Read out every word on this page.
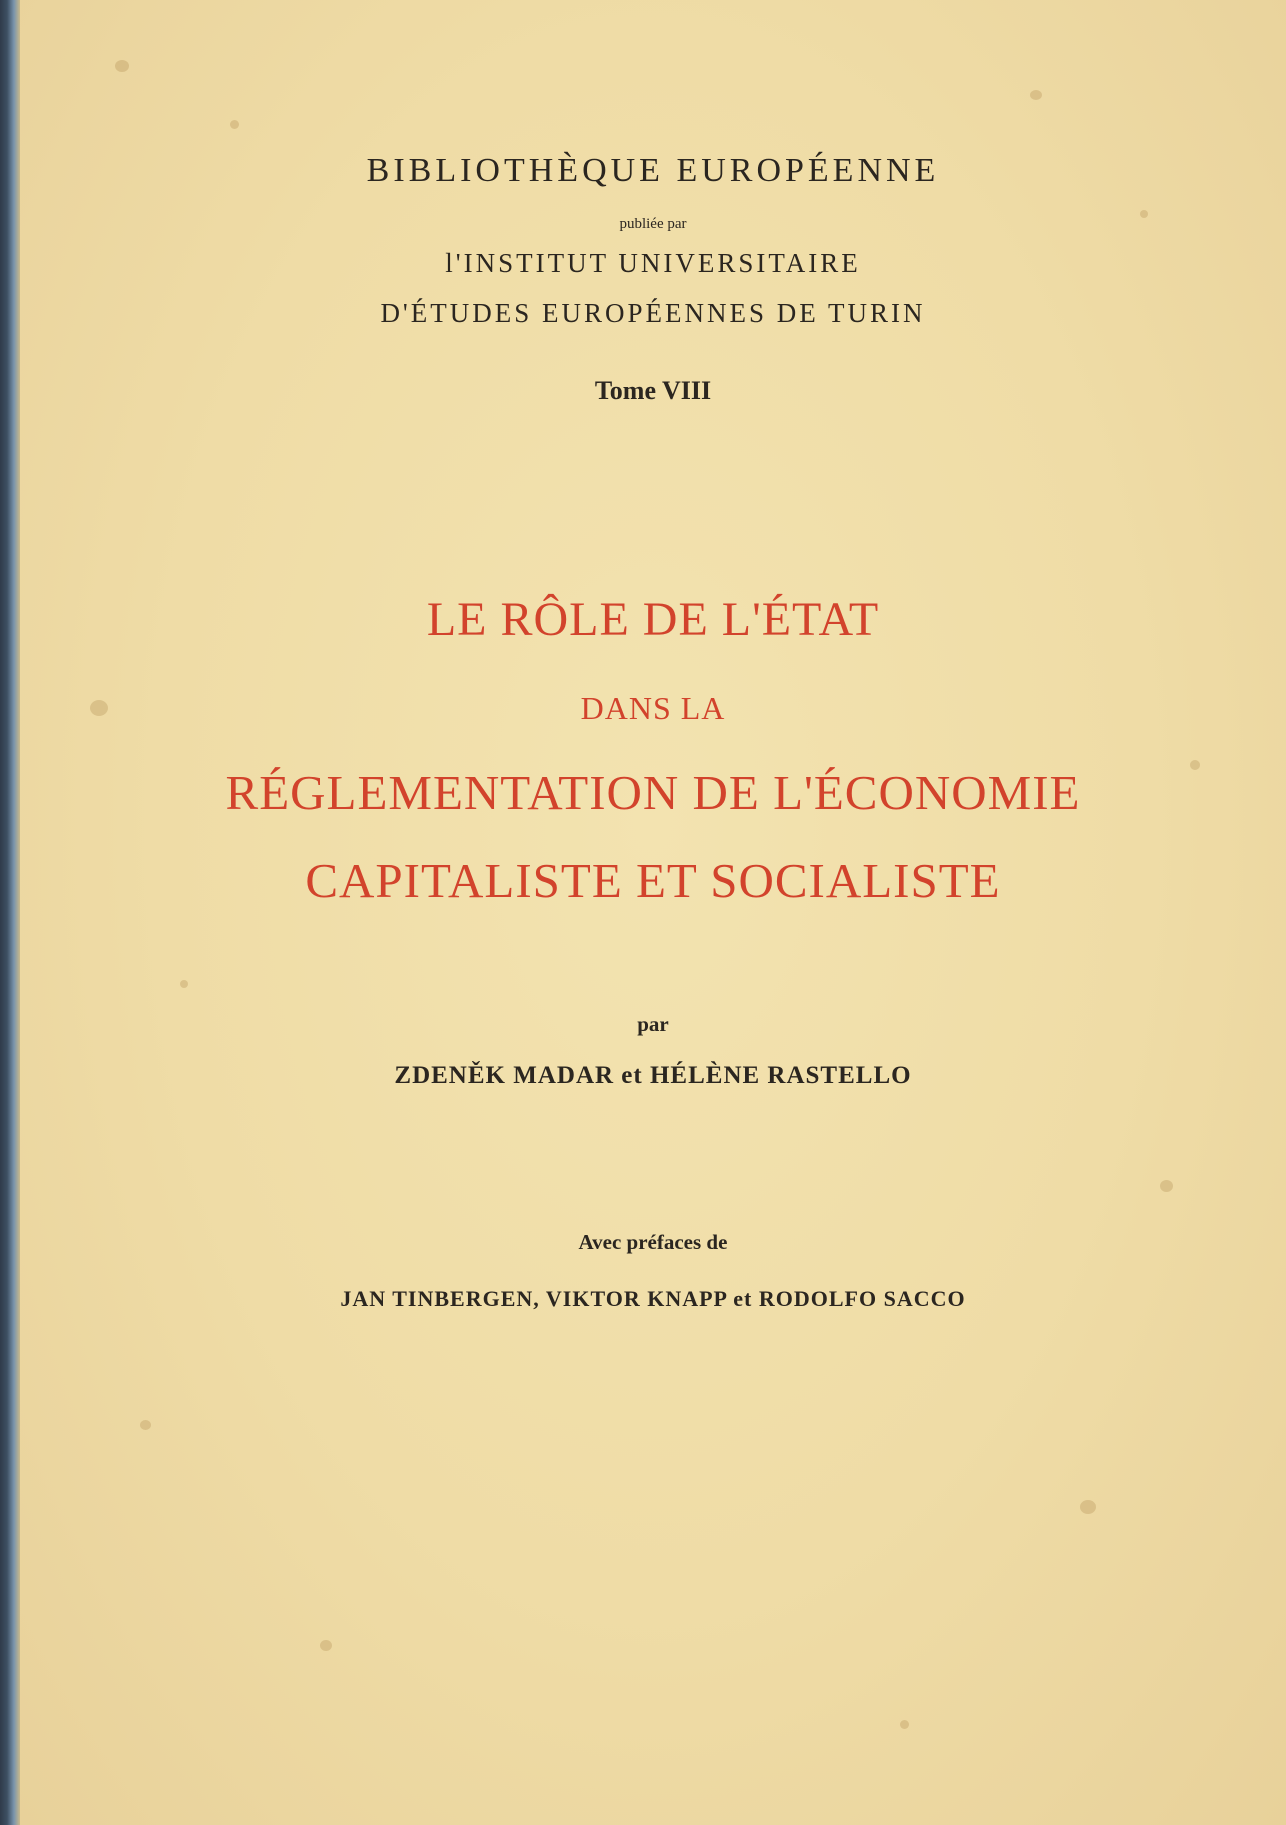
BIBLIOTHÈQUE EUROPÉENNE

publiée par

l'INSTITUT UNIVERSITAIRE

D'ÉTUDES EUROPÉENNES DE TURIN

Tome VIII

LE RÔLE DE L'ÉTAT

DANS LA

RÉGLEMENTATION DE L'ÉCONOMIE

CAPITALISTE ET SOCIALISTE

par

ZDENĚK MADAR et HÉLÈNE RASTELLO

Avec préfaces de

JAN TINBERGEN, VIKTOR KNAPP et RODOLFO SACCO
